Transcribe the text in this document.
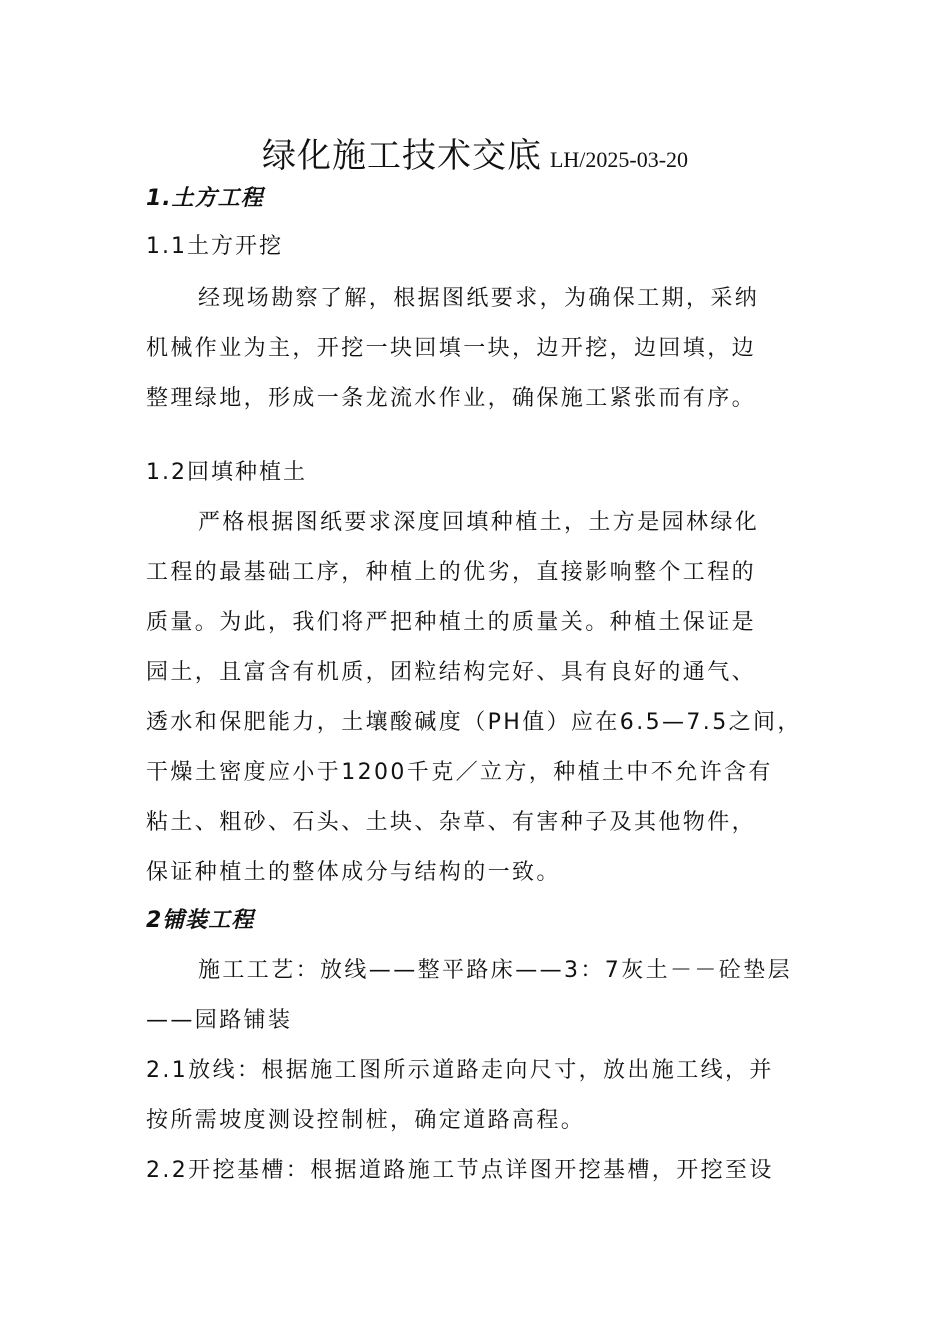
绿化施工技术交底 LH/2025-03-20
1.土方工程
1.1土方开挖
经现场勘察了解，根据图纸要求，为确保工期，采纳
机械作业为主，开挖一块回填一块，边开挖，边回填，边
整理绿地，形成一条龙流水作业，确保施工紧张而有序。
1.2回填种植土
严格根据图纸要求深度回填种植土，土方是园林绿化
工程的最基础工序，种植上的优劣，直接影响整个工程的
质量。为此，我们将严把种植土的质量关。种植土保证是
园土，且富含有机质，团粒结构完好、具有良好的通气、
透水和保肥能力，土壤酸碱度（PH值）应在6.5—7.5之间，
干燥土密度应小于1200千克／立方，种植土中不允许含有
粘土、粗砂、石头、土块、杂草、有害种子及其他物件，
保证种植土的整体成分与结构的一致。
2铺装工程
施工工艺：放线——整平路床——3：7灰土－－砼垫层
——园路铺装
2.1放线：根据施工图所示道路走向尺寸，放出施工线，并
按所需坡度测设控制桩，确定道路高程。
2.2开挖基槽：根据道路施工节点详图开挖基槽，开挖至设
